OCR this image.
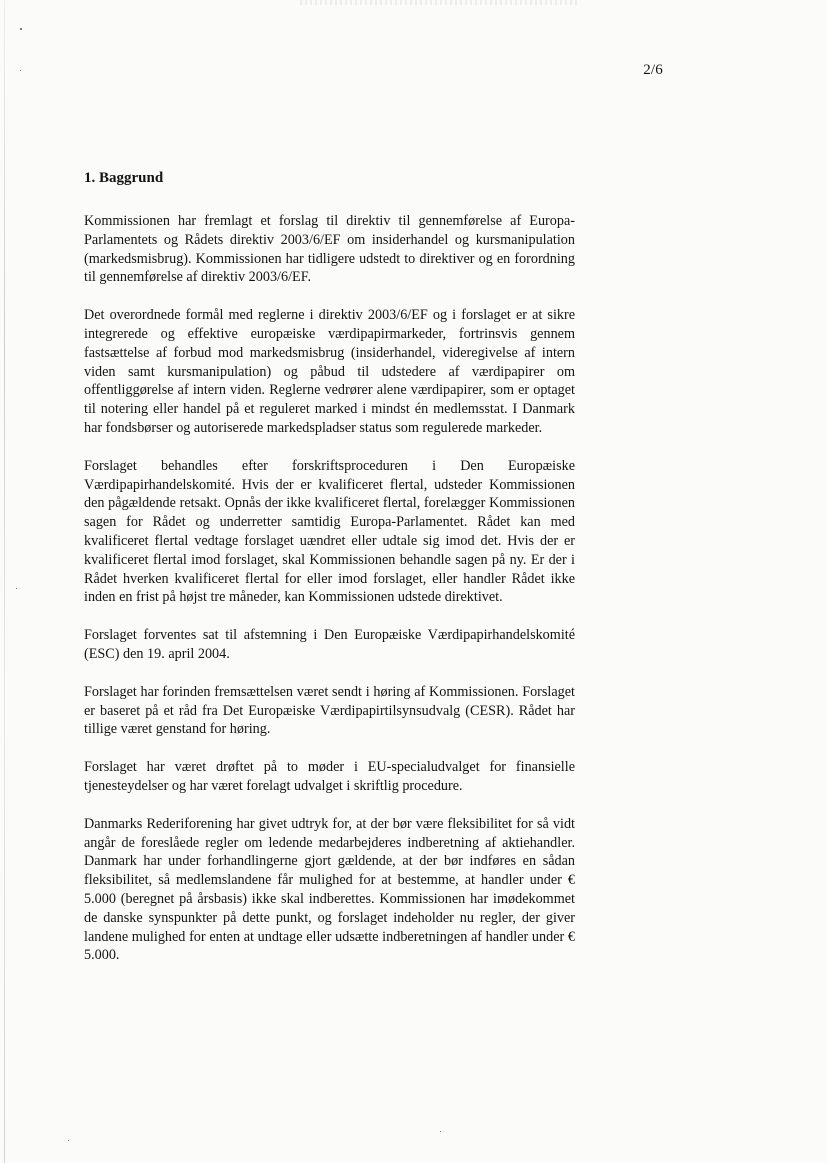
2/6
1. Baggrund

Kommissionen har fremlagt et forslag til direktiv til gennemførelse af Europa-Parlamentets og Rådets direktiv 2003/6/EF om insiderhandel og kursmanipulation (markedsmisbrug). Kommissionen har tidligere udstedt to direktiver og en forordning til gennemførelse af direktiv 2003/6/EF.

Det overordnede formål med reglerne i direktiv 2003/6/EF og i forslaget er at sikre integrerede og effektive europæiske værdipapirmarkeder, fortrinsvis gennem fastsættelse af forbud mod markedsmisbrug (insiderhandel, videregivelse af intern viden samt kursmanipulation) og påbud til udstedere af værdipapirer om offentliggørelse af intern viden. Reglerne vedrører alene værdipapirer, som er optaget til notering eller handel på et reguleret marked i mindst én medlemsstat. I Danmark har fondsbørser og autoriserede markedspladser status som regulerede markeder.

Forslaget behandles efter forskriftsproceduren i Den Europæiske Værdipapirhandelskomité. Hvis der er kvalificeret flertal, udsteder Kommissionen den pågældende retsakt. Opnås der ikke kvalificeret flertal, forelægger Kommissionen sagen for Rådet og underretter samtidig Europa-Parlamentet. Rådet kan med kvalificeret flertal vedtage forslaget uændret eller udtale sig imod det. Hvis der er kvalificeret flertal imod forslaget, skal Kommissionen behandle sagen på ny. Er der i Rådet hverken kvalificeret flertal for eller imod forslaget, eller handler Rådet ikke inden en frist på højst tre måneder, kan Kommissionen udstede direktivet.

Forslaget forventes sat til afstemning i Den Europæiske Værdipapirhandelskomité (ESC) den 19. april 2004.

Forslaget har forinden fremsættelsen været sendt i høring af Kommissionen. Forslaget er baseret på et råd fra Det Europæiske Værdipapirtilsynsudvalg (CESR). Rådet har tillige været genstand for høring.

Forslaget har været drøftet på to møder i EU-specialudvalget for finansielle tjenesteydelser og har været forelagt udvalget i skriftlig procedure.

Danmarks Rederiforening har givet udtryk for, at der bør være fleksibilitet for så vidt angår de foreslåede regler om ledende medarbejderes indberetning af aktiehandler. Danmark har under forhandlingerne gjort gældende, at der bør indføres en sådan fleksibilitet, så medlemslandene får mulighed for at bestemme, at handler under € 5.000 (beregnet på årsbasis) ikke skal indberettes. Kommissionen har imødekommet de danske synspunkter på dette punkt, og forslaget indeholder nu regler, der giver landene mulighed for enten at undtage eller udsætte indberetningen af handler under € 5.000.
